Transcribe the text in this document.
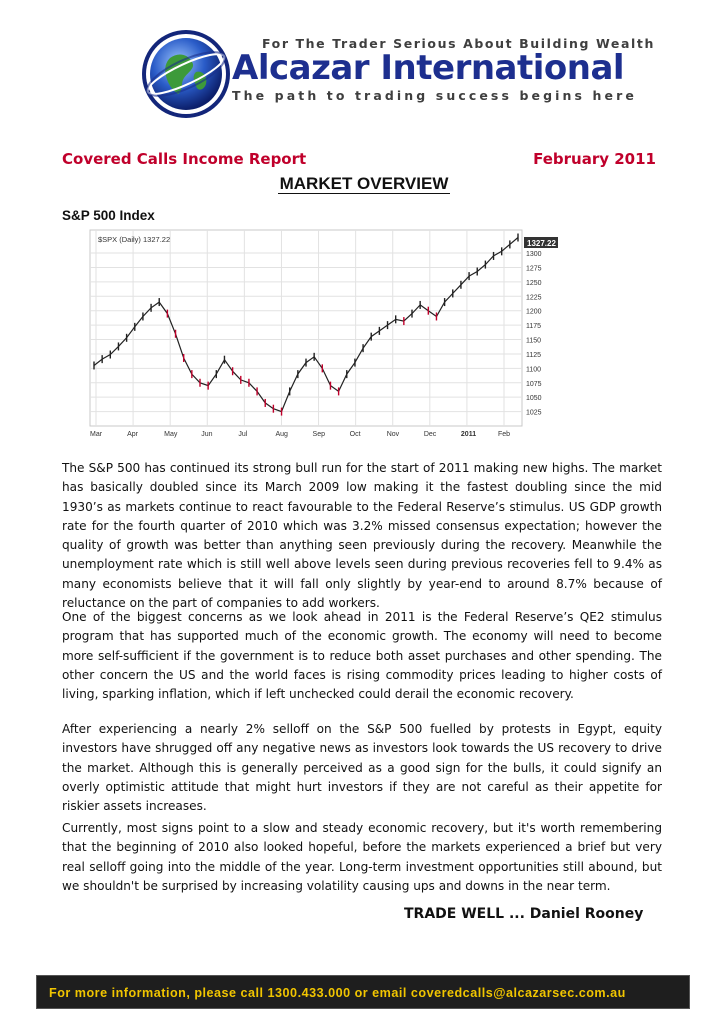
For The Trader Serious About Building Wealth
Alcazar International
The path to trading success begins here
Covered Calls Income Report	February 2011
MARKET OVERVIEW
S&P 500 Index
1025
1050
1075
1100
1125
1150
1175
1200
1225
1250
1275
1300
Mar	Apr	May	Jun	Jul	Aug	Sep	Oct	Nov	Dec	2011	Feb
$SPX (Daily) 1327.22	1327.22

The S&P 500 has continued its strong bull run for the start of 2011 making new highs. The market has basically doubled since its March 2009 low making it the fastest doubling since the mid 1930’s as markets continue to react favourable to the Federal Reserve’s stimulus. US GDP growth rate for the fourth quarter of 2010 which was 3.2% missed consensus expectation; however the quality of growth was better than anything seen previously during the recovery. Meanwhile the unemployment rate which is still well above levels seen during previous recoveries fell to 9.4% as many economists believe that it will fall only slightly by year-end to around 8.7% because of reluctance on the part of companies to add workers.

One of the biggest concerns as we look ahead in 2011 is the Federal Reserve’s QE2 stimulus program that has supported much of the economic growth. The economy will need to become more self-sufficient if the government is to reduce both asset purchases and other spending. The other concern the US and the world faces is rising commodity prices leading to higher costs of living, sparking inflation, which if left unchecked could derail the economic recovery.

After experiencing a nearly 2% selloff on the S&P 500 fuelled by protests in Egypt, equity investors have shrugged off any negative news as investors look towards the US recovery to drive the market. Although this is generally perceived as a good sign for the bulls, it could signify an overly optimistic attitude that might hurt investors if they are not careful as their appetite for riskier assets increases.

Currently, most signs point to a slow and steady economic recovery, but it's worth remembering that the beginning of 2010 also looked hopeful, before the markets experienced a brief but very real selloff going into the middle of the year. Long-term investment opportunities still abound, but we shouldn't be surprised by increasing volatility causing ups and downs in the near term.

TRADE WELL ... Daniel Rooney
For more information, please call 1300.433.000 or email coveredcalls@alcazarsec.com.au
